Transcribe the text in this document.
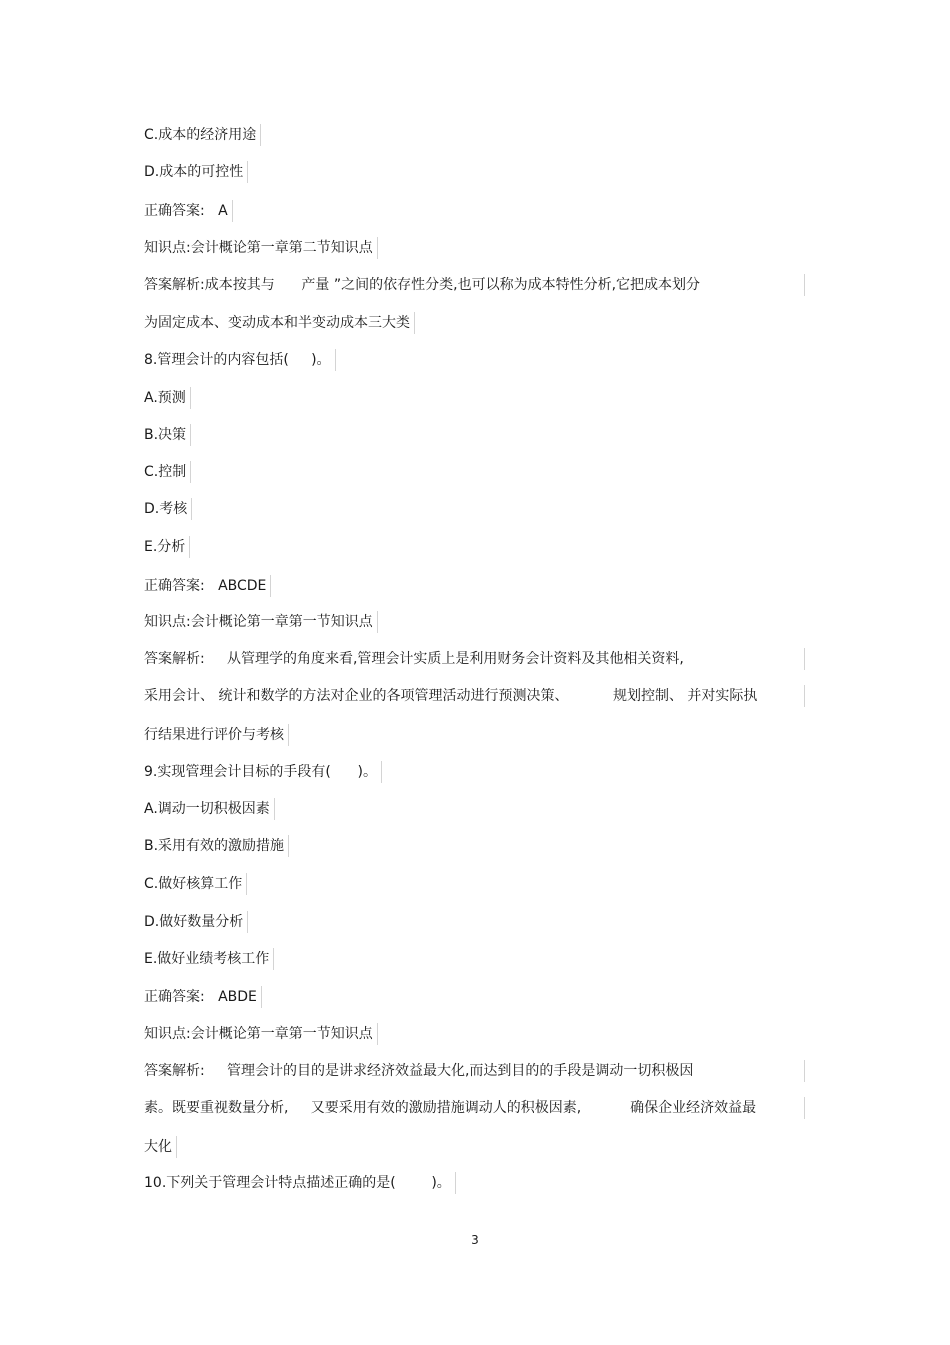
C.成本的经济用途
D.成本的可控性
正确答案:   A
知识点:会计概论第一章第二节知识点
答案解析:成本按其与      产量 ”之间的依存性分类,也可以称为成本特性分析,它把成本划分
为固定成本、变动成本和半变动成本三大类
8.管理会计的内容包括(     )。
A.预测
B.决策
C.控制
D.考核
E.分析
正确答案:   ABCDE
知识点:会计概论第一章第一节知识点
答案解析:     从管理学的角度来看,管理会计实质上是利用财务会计资料及其他相关资料,
采用会计、 统计和数学的方法对企业的各项管理活动进行预测决策、          规划控制、 并对实际执
行结果进行评价与考核
9.实现管理会计目标的手段有(      )。
A.调动一切积极因素
B.采用有效的激励措施
C.做好核算工作
D.做好数量分析
E.做好业绩考核工作
正确答案:   ABDE
知识点:会计概论第一章第一节知识点
答案解析:     管理会计的目的是讲求经济效益最大化,而达到目的的手段是调动一切积极因
素。既要重视数量分析,     又要采用有效的激励措施调动人的积极因素,           确保企业经济效益最
大化
10.下列关于管理会计特点描述正确的是(        )。
3
